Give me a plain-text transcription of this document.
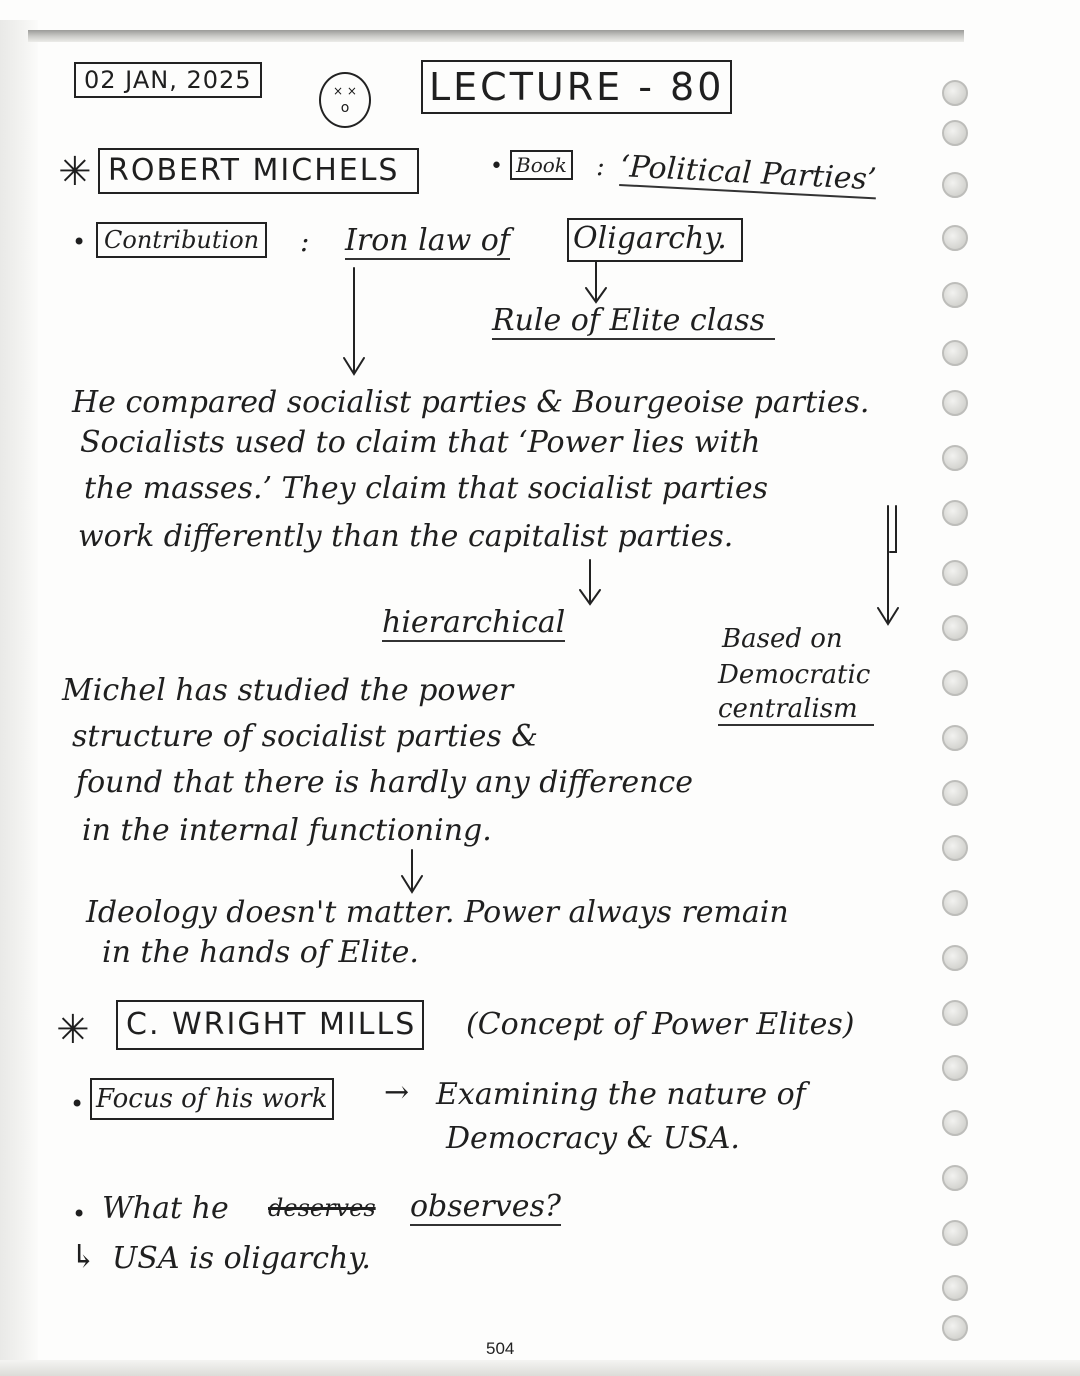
02 JAN, 2025	× ×
o	LECTURE - 80
✳ ROBERT MICHELS	• Book : ‘Political Parties’
• Contribution : Iron law of Oligarchy.
Rule of Elite class
He compared socialist parties & Bourgeoise parties.
Socialists used to claim that ‘Power lies with
the masses.’ They claim that socialist parties
work differently than the capitalist parties.
hierarchical	Based on
Democratic
centralism
Michel has studied the power
structure of socialist parties &
found that there is hardly any difference
in the internal functioning.
Ideology doesn't matter. Power always remain
in the hands of Elite.
✳	C. WRIGHT MILLS (Concept of Power Elites)
• Focus of his work → Examining the nature of
Democracy & USA.
• What he deserves observes?
↳ USA is oligarchy.
504
